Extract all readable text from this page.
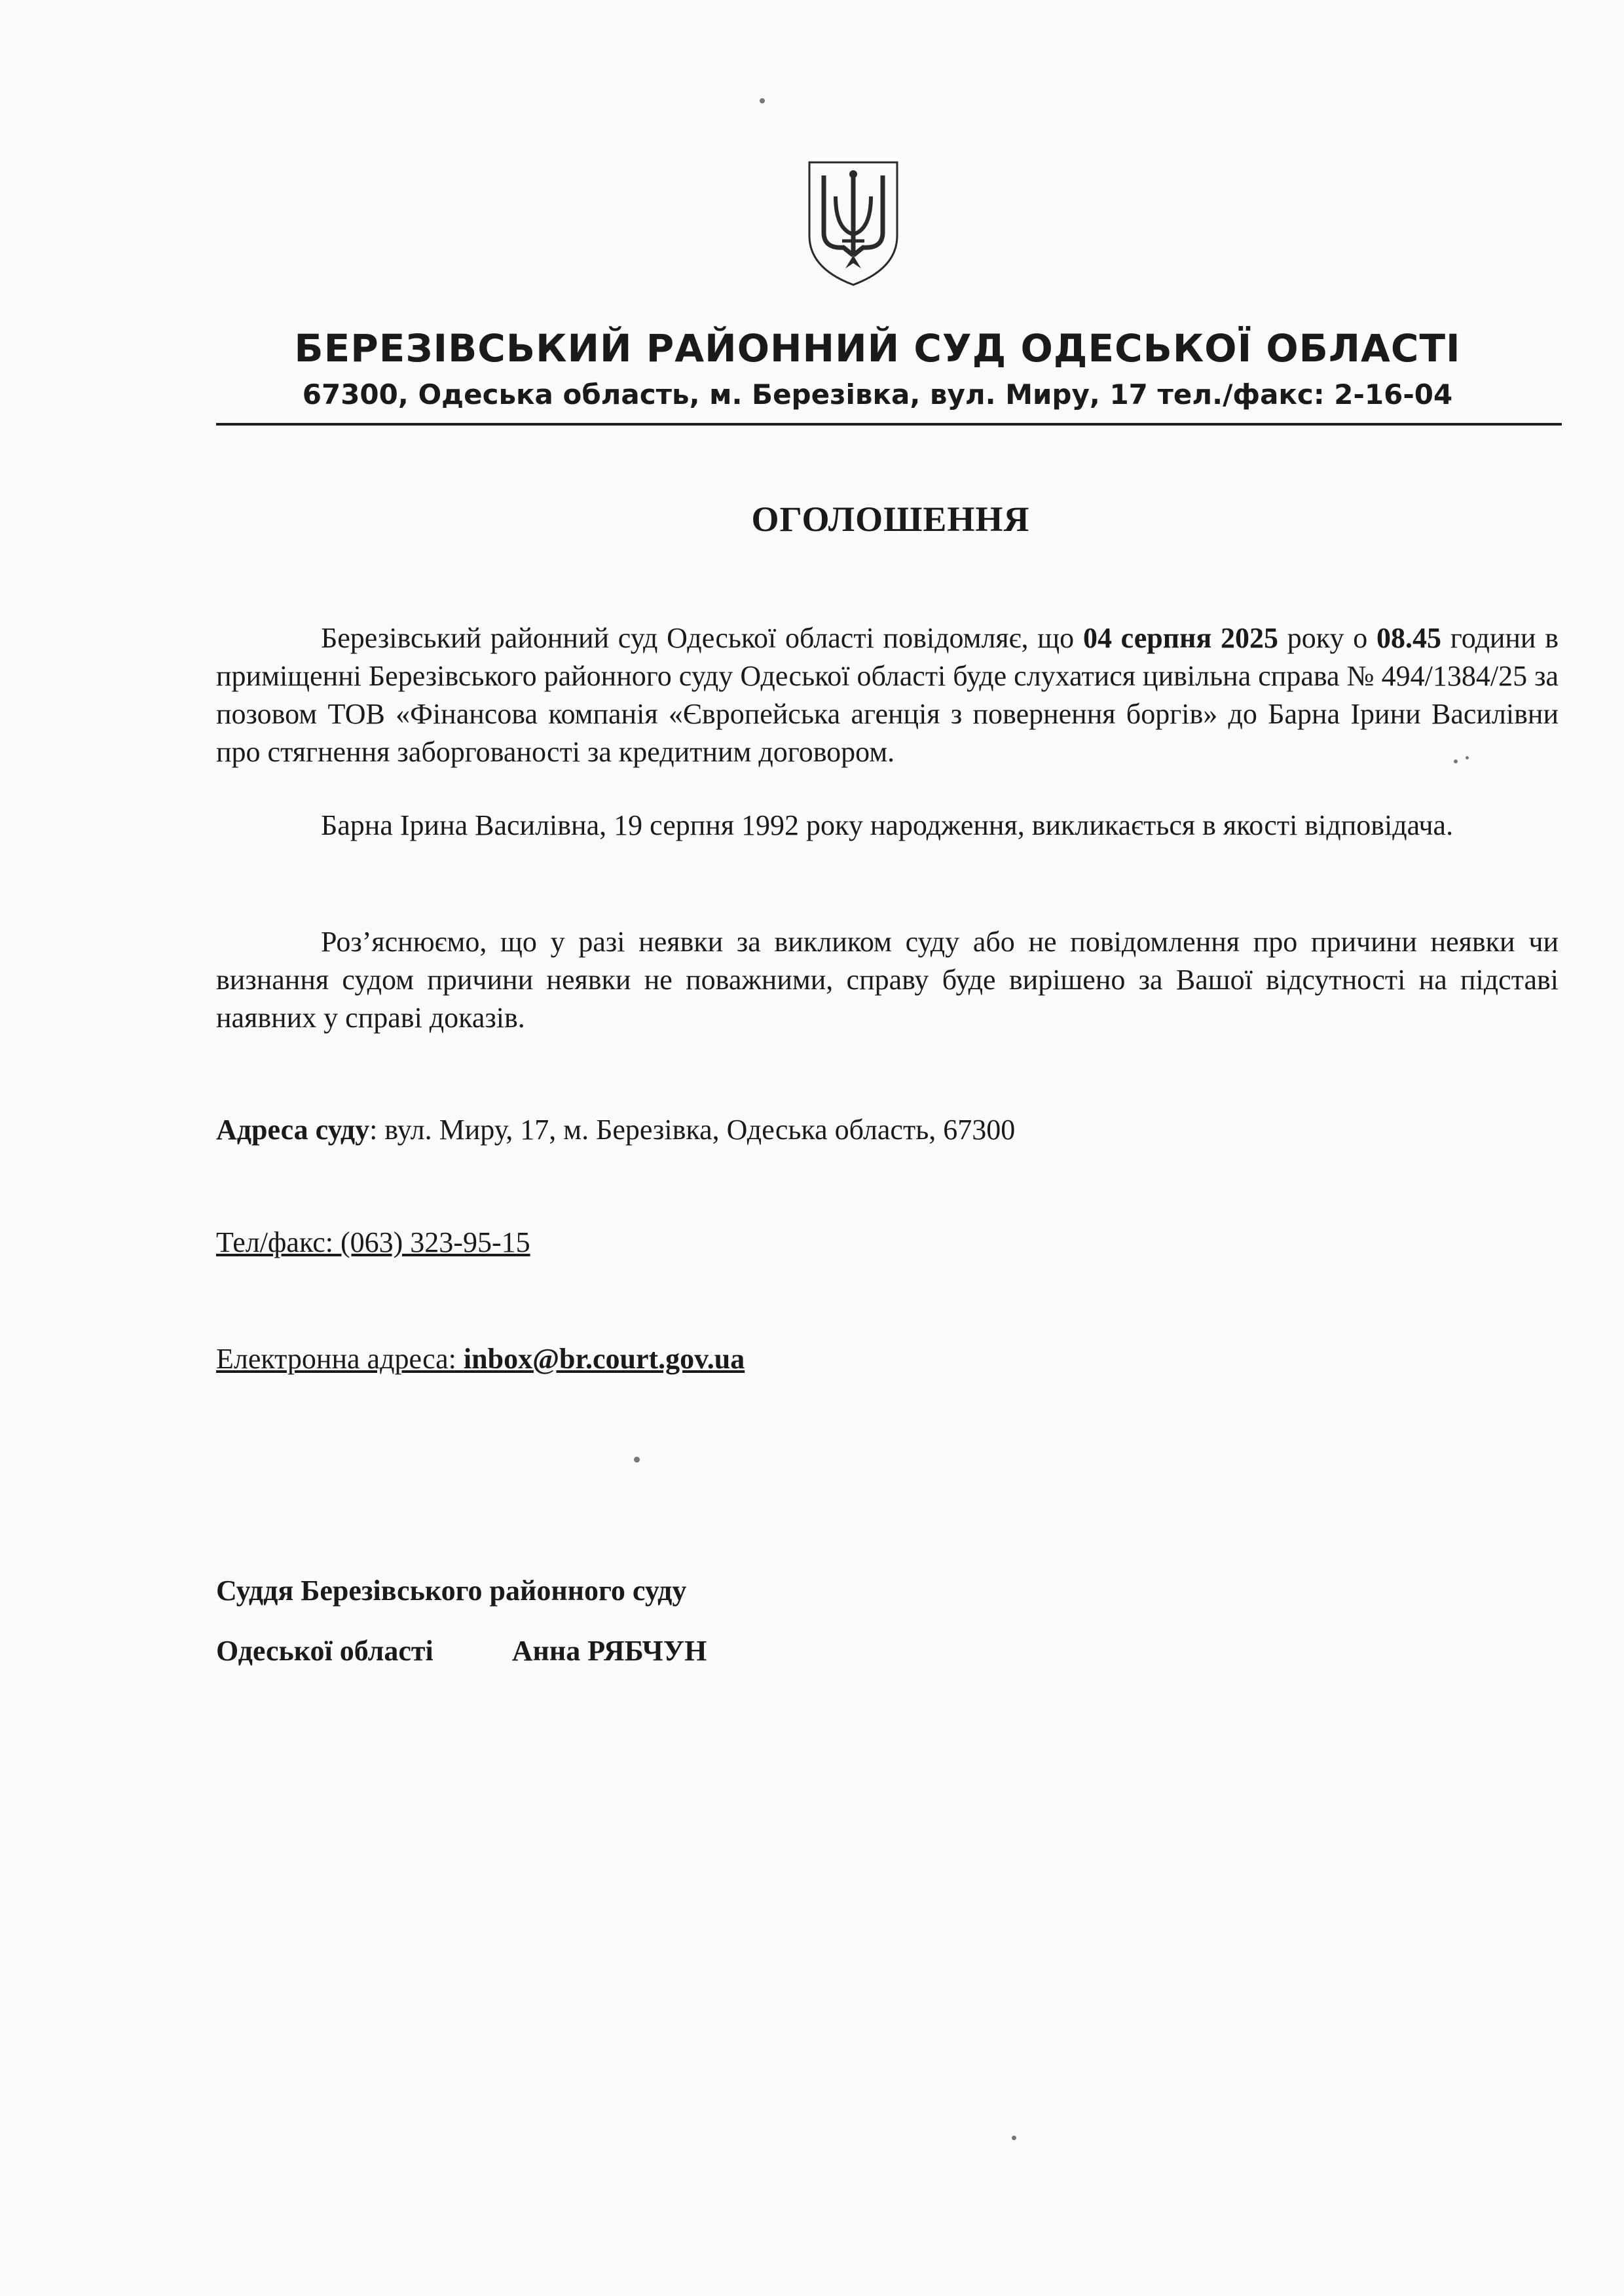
БЕРЕЗІВСЬКИЙ РАЙОННИЙ СУД ОДЕСЬКОЇ ОБЛАСТІ
67300, Одеська область, м. Березівка, вул. Миру, 17 тел./факс: 2-16-04
ОГОЛОШЕННЯ
Березівський районний суд Одеської області повідомляє, що 04 серпня 2025 року о 08.45 години в приміщенні Березівського районного суду Одеської області буде слухатися цивільна справа № 494/1384/25 за позовом ТОВ «Фінансова компанія «Європейська агенція з повернення боргів» до Барна Ірини Василівни про стягнення заборгованості за кредитним договором.
Барна Ірина Василівна, 19 серпня 1992 року народження, викликається в якості відповідача.
Роз’яснюємо, що у разі неявки за викликом суду або не повідомлення про причини неявки чи визнання судом причини неявки не поважними, справу буде вирішено за Вашої відсутності на підставі наявних у справі доказів.
Адреса суду: вул. Миру, 17, м. Березівка, Одеська область, 67300
Тел/факс: (063) 323-95-15
Електронна адреса: inbox@br.court.gov.ua
Суддя Березівського районного суду
Одеської області	Анна РЯБЧУН
